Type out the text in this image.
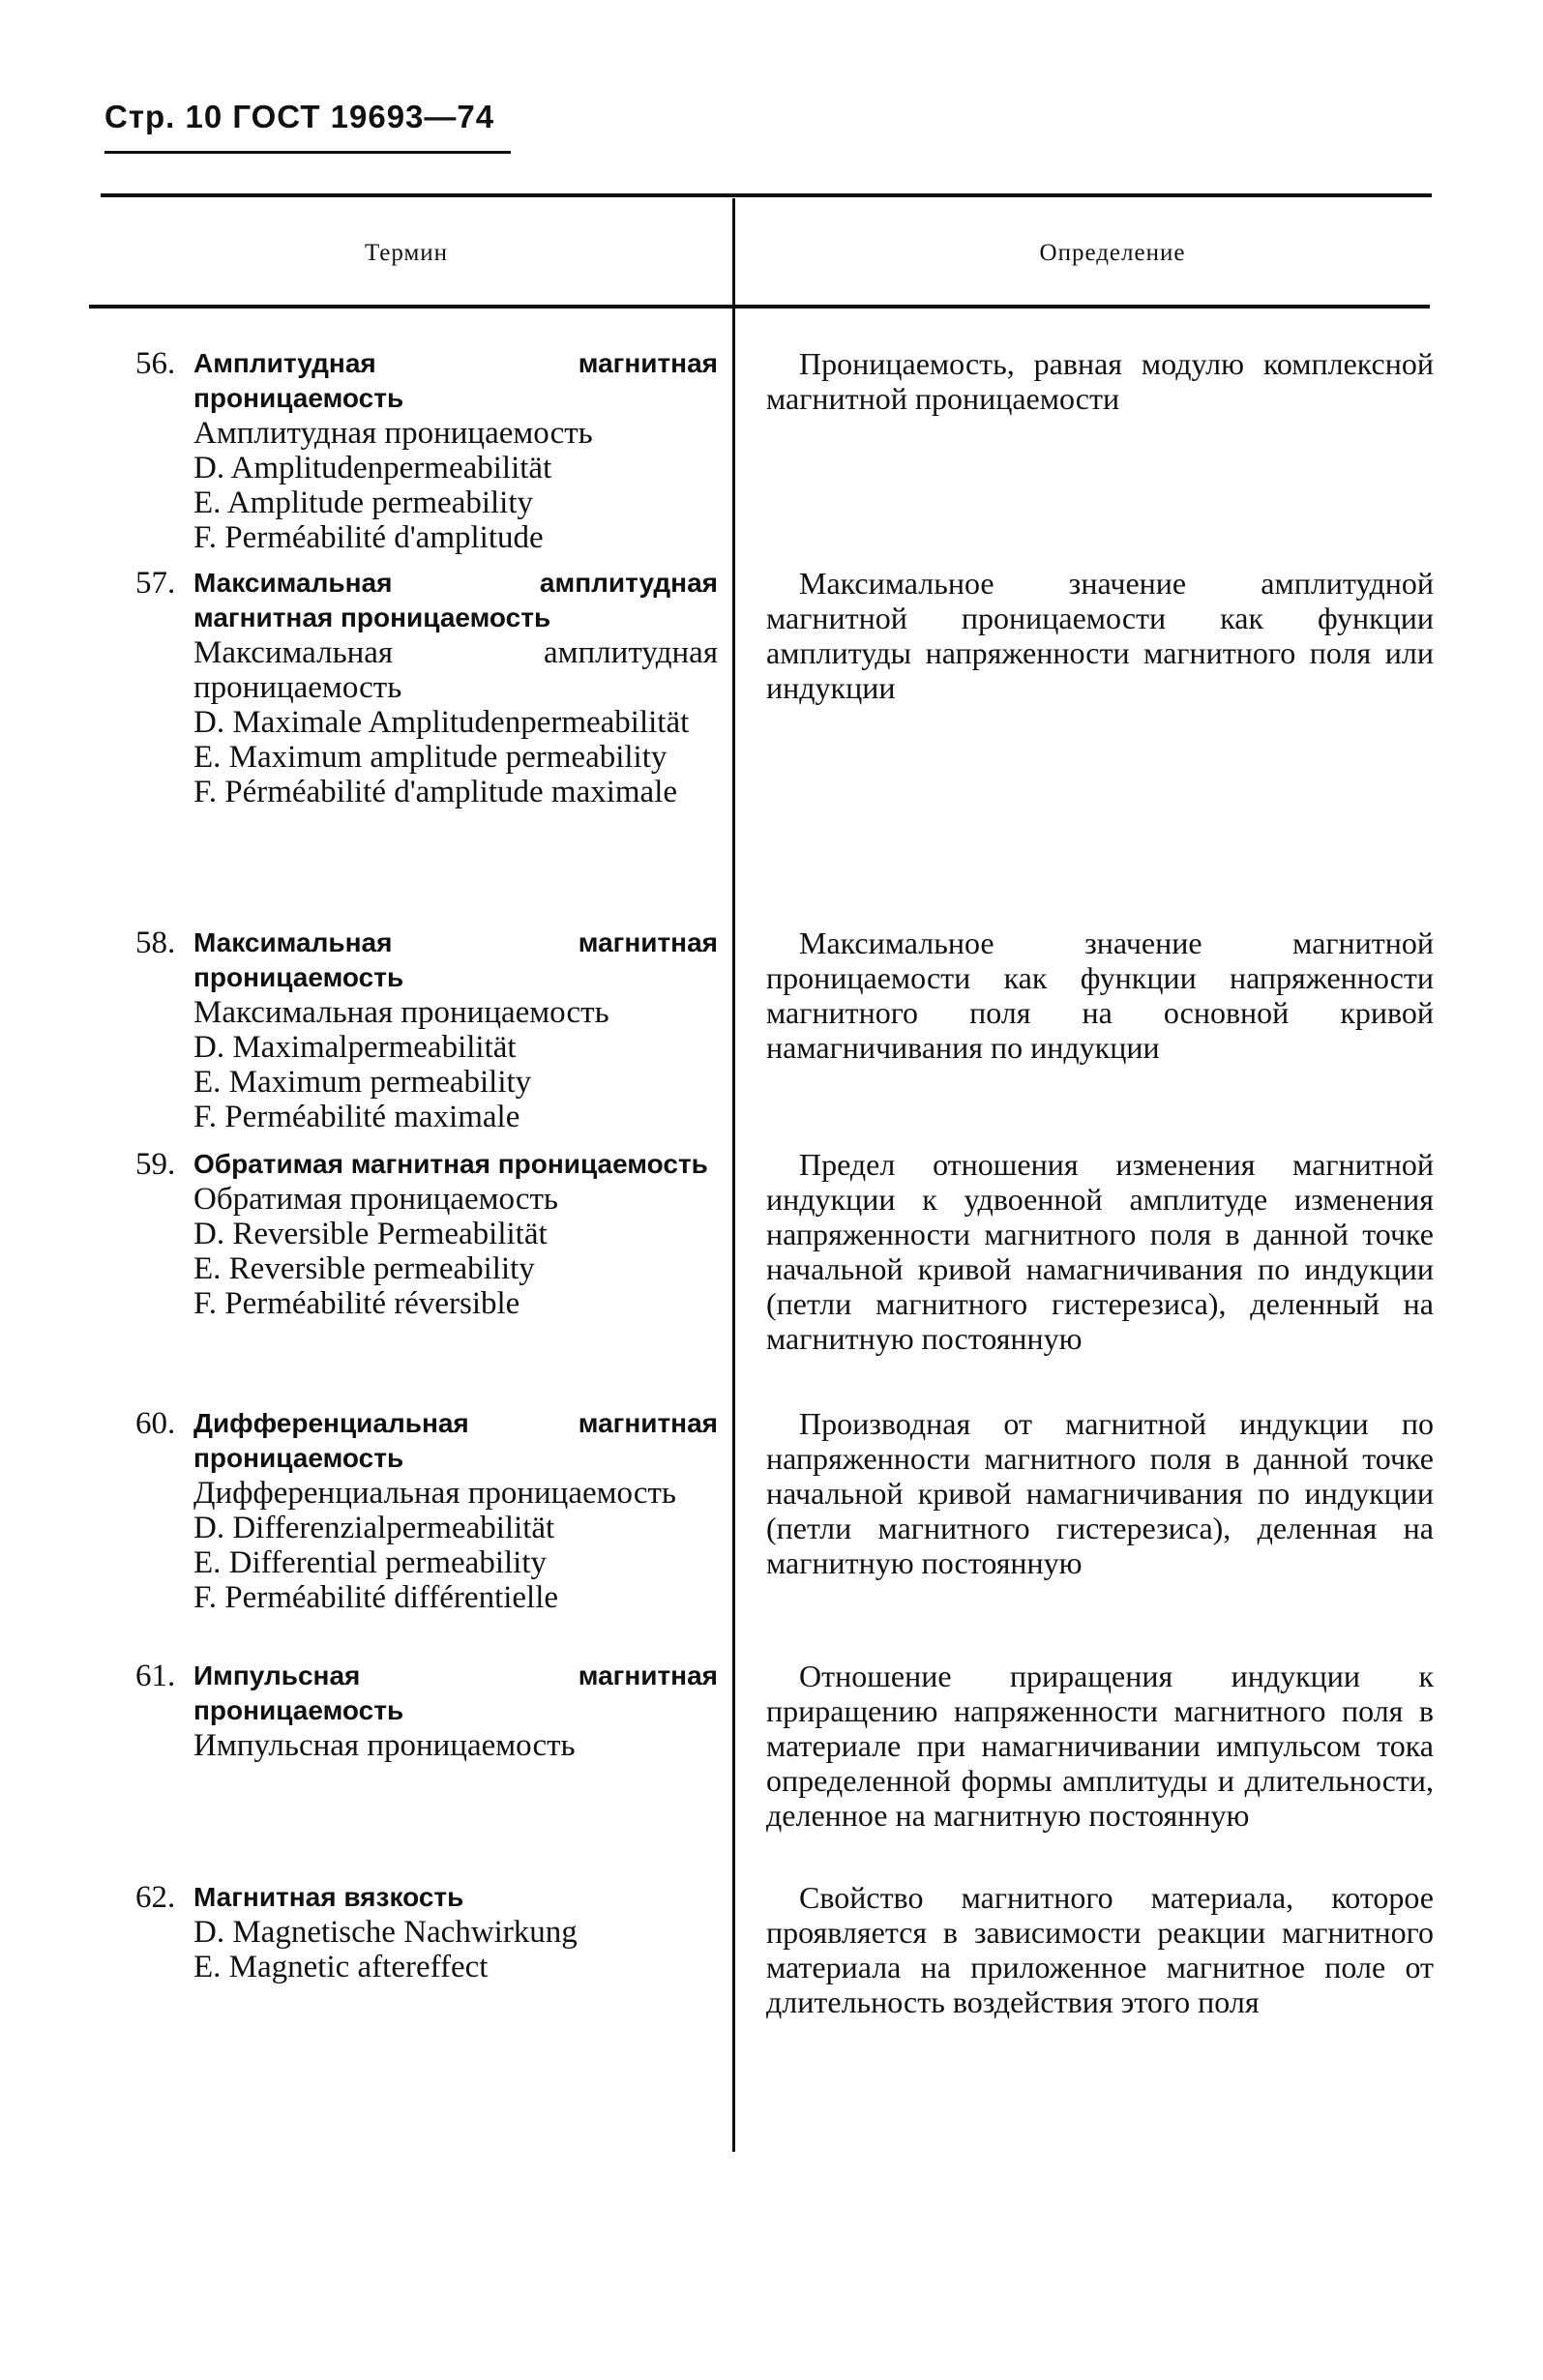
Стр. 10 ГОСТ 19693—74
Термин	Определение
56. Амплитудная магнитная проницаемость
Амплитудная проницаемость
D. Amplitudenpermeabilität
E. Amplitude permeability
F. Perméabilité d'amplitude
Проницаемость, равная модулю комплексной магнитной проницаемости
57. Максимальная амплитудная магнитная проницаемость
Максимальная амплитудная проницаемость
D. Maximale Amplitudenpermeabilität
E. Maximum amplitude permeability
F. Pérméabilité d'amplitude maximale
Максимальное значение амплитудной магнитной проницаемости как функции амплитуды напряженности магнитного поля или индукции
58. Максимальная магнитная проницаемость
Максимальная проницаемость
D. Maximalpermeabilität
E. Maximum permeability
F. Perméabilité maximale
Максимальное значение магнитной проницаемости как функции напряженности магнитного поля на основной кривой намагничивания по индукции
59. Обратимая магнитная проницаемость
Обратимая проницаемость
D. Reversible Permeabilität
E. Reversible permeability
F. Perméabilité réversible
Предел отношения изменения магнитной индукции к удвоенной амплитуде изменения напряженности магнитного поля в данной точке начальной кривой намагничивания по индукции (петли магнитного гистерезиса), деленный на магнитную постоянную
60. Дифференциальная магнитная проницаемость
Дифференциальная проницаемость
D. Differenzialpermeabilität
E. Differential permeability
F. Perméabilité différentielle
Производная от магнитной индукции по напряженности магнитного поля в данной точке начальной кривой намагничивания по индукции (петли магнитного гистерезиса), деленная на магнитную постоянную
61. Импульсная магнитная проницаемость
Импульсная проницаемость
Отношение приращения индукции к приращению напряженности магнитного поля в материале при намагничивании импульсом тока определенной формы амплитуды и длительности, деленное на магнитную постоянную
62. Магнитная вязкость
D. Magnetische Nachwirkung
E. Magnetic aftereffect
Свойство магнитного материала, которое проявляется в зависимости реакции магнитного материала на приложенное магнитное поле от длительность воздействия этого поля
